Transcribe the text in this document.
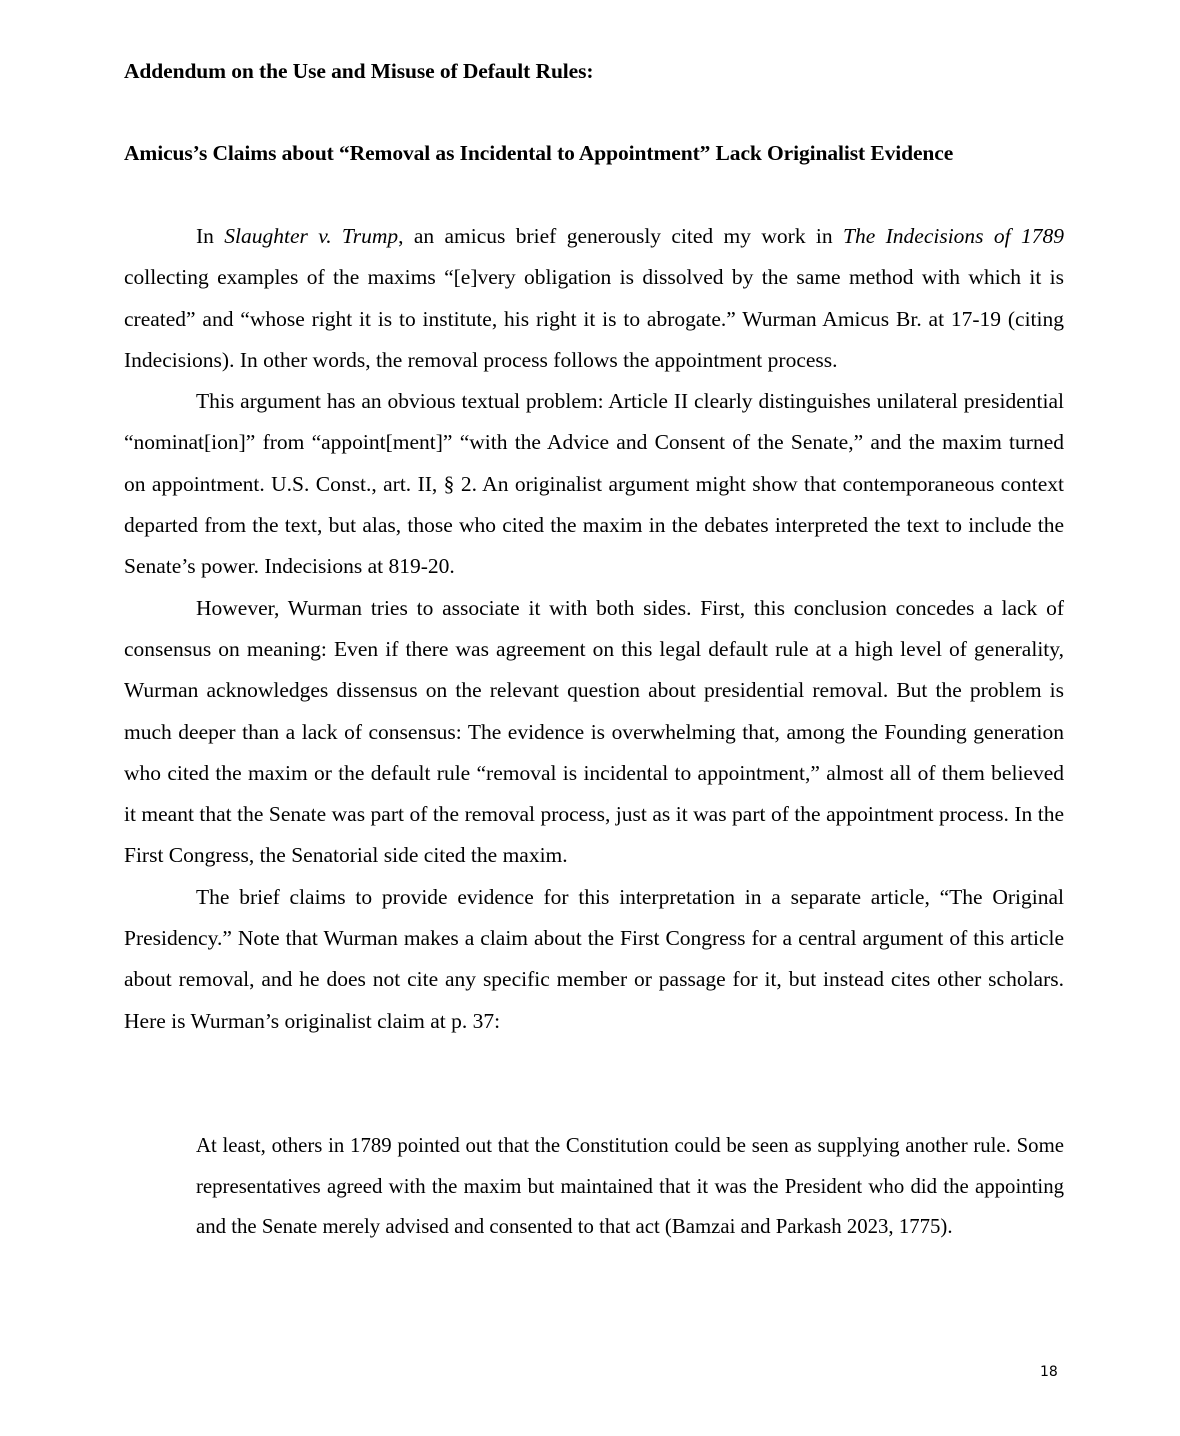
Addendum on the Use and Misuse of Default Rules:
Amicus’s Claims about “Removal as Incidental to Appointment” Lack Originalist Evidence

In Slaughter v. Trump, an amicus brief generously cited my work in The Indecisions of 1789 collecting examples of the maxims “[e]very obligation is dissolved by the same method with which it is created” and “whose right it is to institute, his right it is to abrogate.” Wurman Amicus Br. at 17-19 (citing Indecisions). In other words, the removal process follows the appointment process.

This argument has an obvious textual problem: Article II clearly distinguishes unilateral presidential “nominat[ion]” from “appoint[ment]” “with the Advice and Consent of the Senate,” and the maxim turned on appointment. U.S. Const., art. II, § 2. An originalist argument might show that contemporaneous context departed from the text, but alas, those who cited the maxim in the debates interpreted the text to include the Senate’s power. Indecisions at 819-20.

However, Wurman tries to associate it with both sides. First, this conclusion concedes a lack of consensus on meaning: Even if there was agreement on this legal default rule at a high level of generality, Wurman acknowledges dissensus on the relevant question about presidential removal. But the problem is much deeper than a lack of consensus: The evidence is overwhelming that, among the Founding generation who cited the maxim or the default rule “removal is incidental to appointment,” almost all of them believed it meant that the Senate was part of the removal process, just as it was part of the appointment process. In the First Congress, the Senatorial side cited the maxim.

The brief claims to provide evidence for this interpretation in a separate article, “The Original Presidency.” Note that Wurman makes a claim about the First Congress for a central argument of this article about removal, and he does not cite any specific member or passage for it, but instead cites other scholars. Here is Wurman’s originalist claim at p. 37:

At least, others in 1789 pointed out that the Constitution could be seen as supplying another rule. Some representatives agreed with the maxim but maintained that it was the President who did the appointing and the Senate merely advised and consented to that act (Bamzai and Parkash 2023, 1775).

18
